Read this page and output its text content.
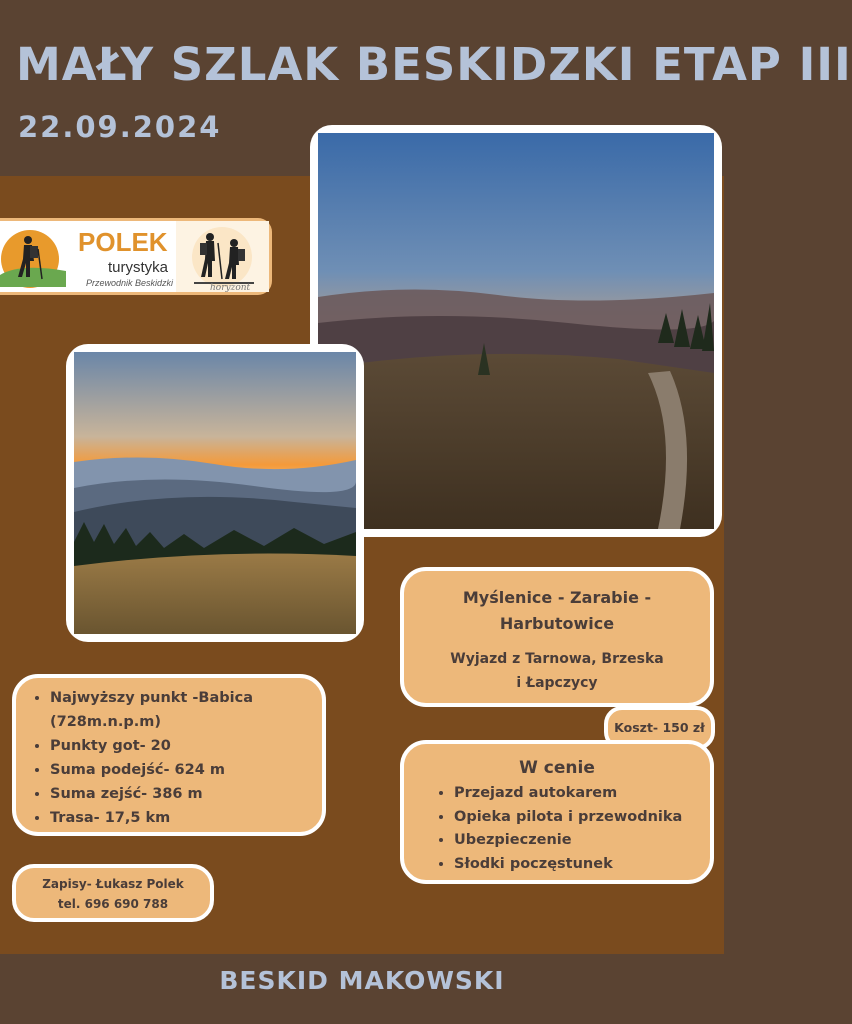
MAŁY SZLAK BESKIDZKI ETAP III
22.09.2024
POLEK
turystyka
Przewodnik Beskidzki	horyzont
Myślenice - Zarabie -
Harbutowice
Wyjazd z Tarnowa, Brzeska
i Łapczycy
Koszt- 150 zł
W cenie
• Przejazd autokarem
• Opieka pilota i przewodnika
• Ubezpieczenie
• Słodki poczęstunek
• Najwyższy punkt -Babica
(728m.n.p.m)
• Punkty got- 20
• Suma podejść- 624 m
• Suma zejść- 386 m
• Trasa- 17,5 km
Zapisy- Łukasz Polek
tel. 696 690 788
BESKID MAKOWSKI
